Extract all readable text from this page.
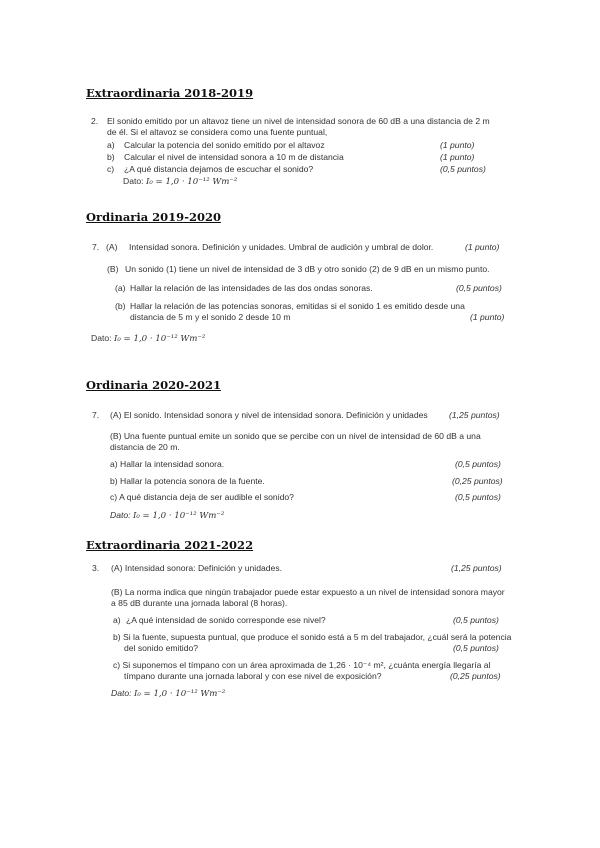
Extraordinaria 2018-2019
2. El sonido emitido por un altavoz tiene un nivel de intensidad sonora de 60 dB a una distancia de 2 m
de él. Si el altavoz se considera como una fuente puntual,
a) Calcular la potencia del sonido emitido por el altavoz	(1 punto)
b) Calcular el nivel de intensidad sonora a 10 m de distancia	(1 punto)
c) ¿A qué distancia dejamos de escuchar el sonido?	(0,5 puntos)
Dato: I₀ = 1,0 · 10⁻¹² Wm⁻²
Ordinaria 2019-2020
7. (A) Intensidad sonora. Definición y unidades. Umbral de audición y umbral de dolor.	(1 punto)
(B) Un sonido (1) tiene un nivel de intensidad de 3 dB y otro sonido (2) de 9 dB en un mismo punto.
(a) Hallar la relación de las intensidades de las dos ondas sonoras.	(0,5 puntos)
(b) Hallar la relación de las potencias sonoras, emitidas si el sonido 1 es emitido desde una
distancia de 5 m y el sonido 2 desde 10 m	(1 punto)
Dato: I₀ = 1,0 · 10⁻¹² Wm⁻²
Ordinaria 2020-2021
7. (A) El sonido. Intensidad sonora y nivel de intensidad sonora. Definición y unidades (1,25 puntos)
(B) Una fuente puntual emite un sonido que se percibe con un nivel de intensidad de 60 dB a una
distancia de 20 m.
a) Hallar la intensidad sonora.	(0,5 puntos)
b) Hallar la potencia sonora de la fuente.	(0,25 puntos)
c) A qué distancia deja de ser audible el sonido?	(0,5 puntos)
Dato: I₀ = 1,0 · 10⁻¹² Wm⁻²
Extraordinaria 2021-2022
3. (A) Intensidad sonora: Definición y unidades.	(1,25 puntos)
(B) La norma indica que ningún trabajador puede estar expuesto a un nivel de intensidad sonora mayor
a 85 dB durante una jornada laboral (8 horas).
a) ¿A qué intensidad de sonido corresponde ese nivel?	(0,5 puntos)
b) Si la fuente, supuesta puntual, que produce el sonido está a 5 m del trabajador, ¿cuál será la potencia
del sonido emitido?	(0,5 puntos)
c) Si suponemos el tímpano con un área aproximada de 1,26 · 10⁻⁴ m², ¿cuánta energía llegaría al
tímpano durante una jornada laboral y con ese nivel de exposición?	(0,25 puntos)
Dato: I₀ = 1,0 · 10⁻¹² Wm⁻²
